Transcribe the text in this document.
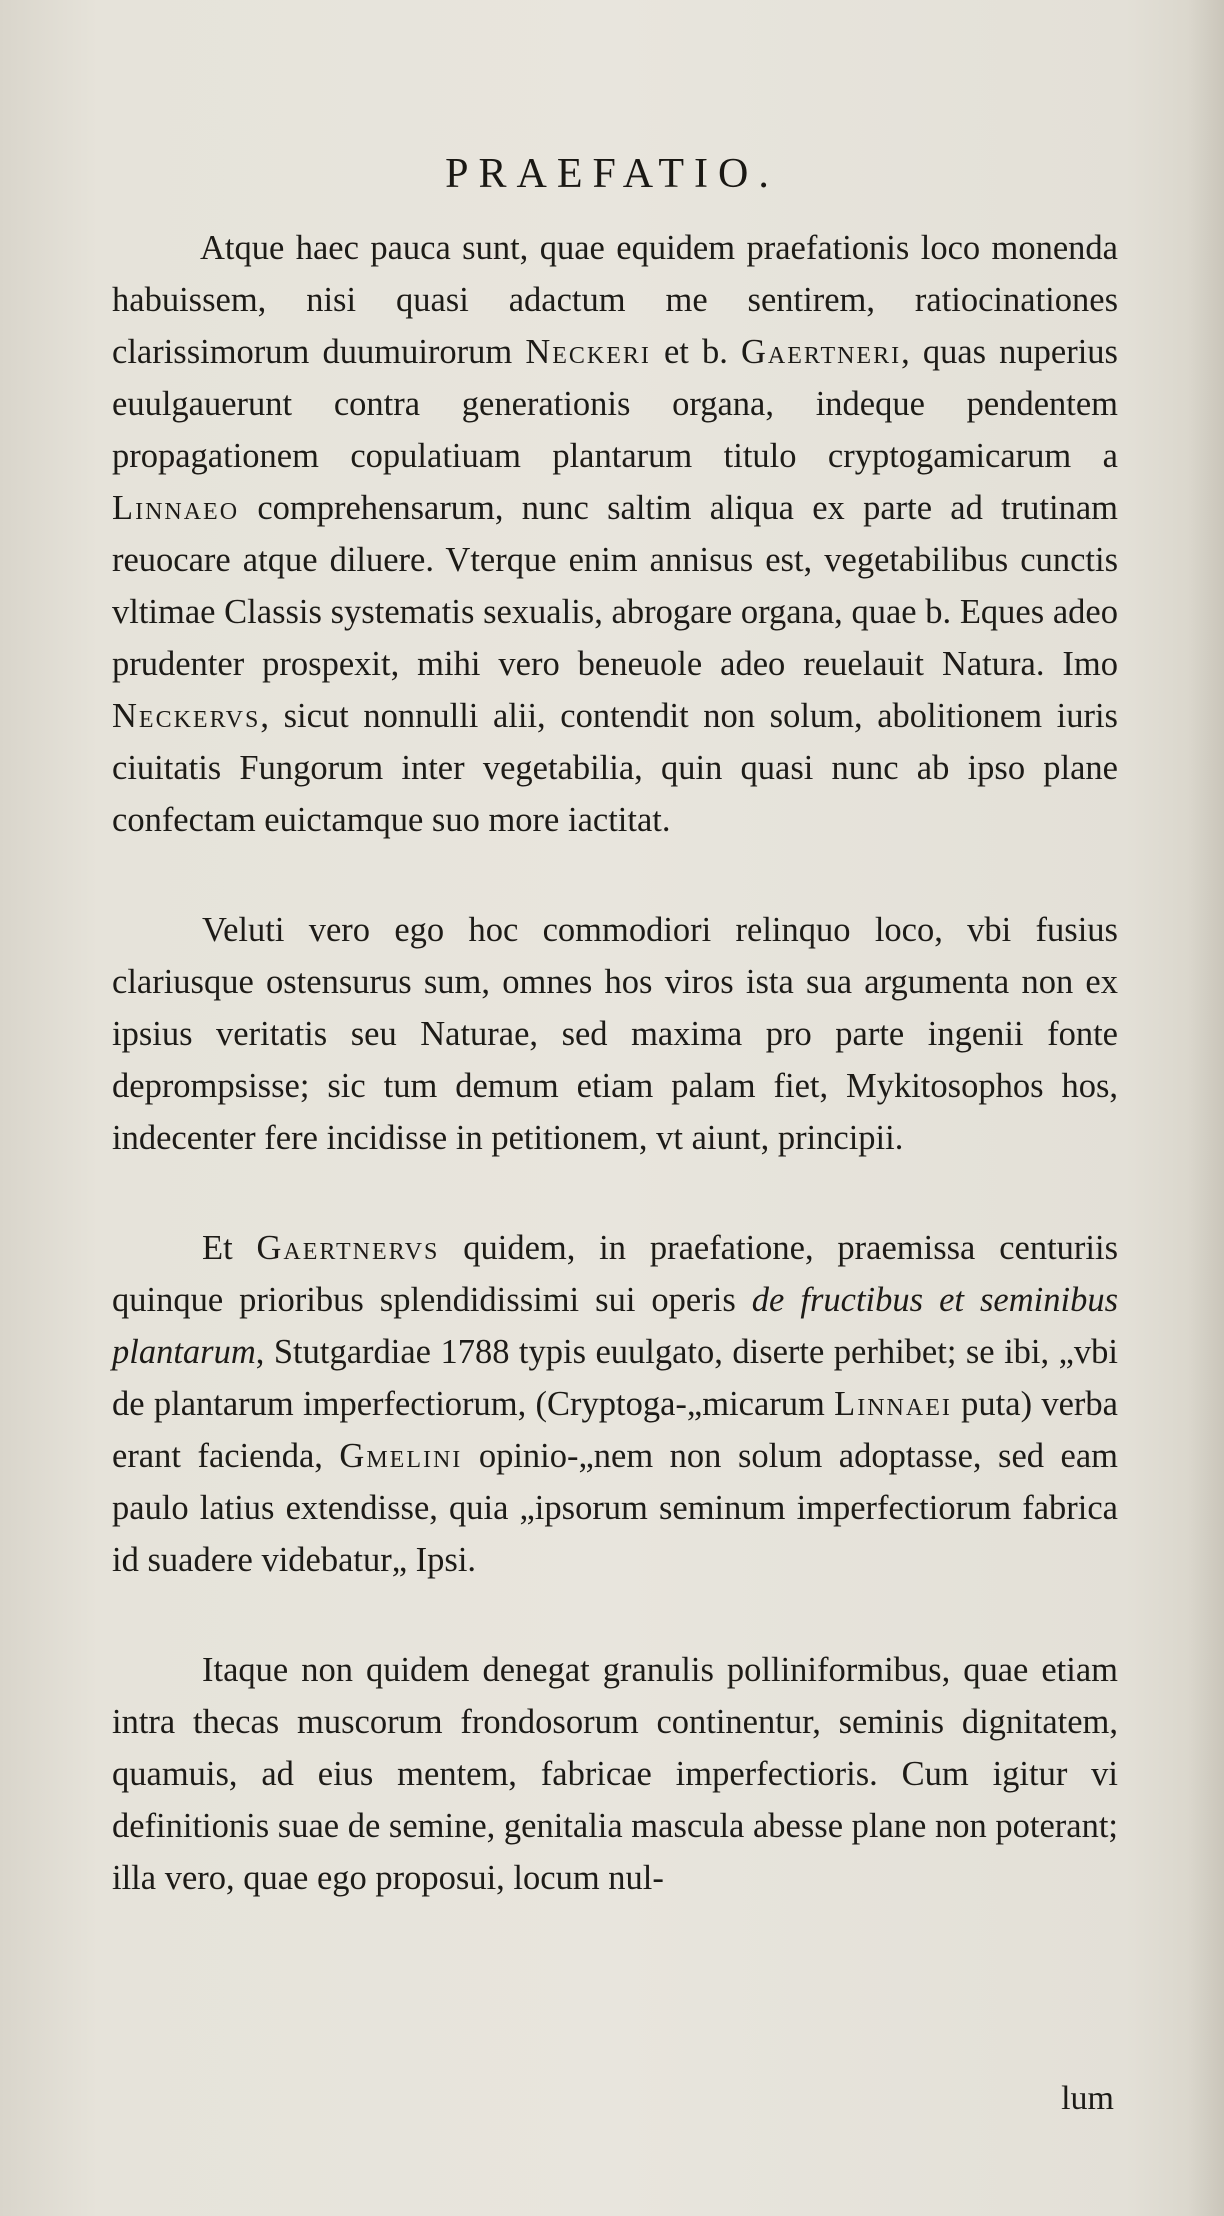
PRAEFATIO.

Atque haec pauca sunt, quae equidem praefationis loco monenda habuissem, nisi quasi adactum me sentirem, ratiocinationes clarissimorum duumuirorum Neckeri et b. Gaertneri, quas nuperius euulgauerunt contra generationis organa, indeque pendentem propagationem copulatiuam plantarum titulo cryptogamicarum a Linnaeo comprehensarum, nunc saltim aliqua ex parte ad trutinam reuocare atque diluere. Vterque enim annisus est, vegetabilibus cunctis vltimae Classis systematis sexualis, abrogare organa, quae b. Eques adeo prudenter prospexit, mihi vero beneuole adeo reuelauit Natura. Imo Neckervs, sicut nonnulli alii, contendit non solum, abolitionem iuris ciuitatis Fungorum inter vegetabilia, quin quasi nunc ab ipso plane confectam euictamque suo more iactitat.

Veluti vero ego hoc commodiori relinquo loco, vbi fusius clariusque ostensurus sum, omnes hos viros ista sua argumenta non ex ipsius veritatis seu Naturae, sed maxima pro parte ingenii fonte deprompsisse; sic tum demum etiam palam fiet, Mykitosophos hos, indecenter fere incidisse in petitionem, vt aiunt, principii.

Et Gaertnervs quidem, in praefatione, praemissa centuriis quinque prioribus splendidissimi sui operis de fructibus et seminibus plantarum, Stutgardiae 1788 typis euulgato, diserte perhibet; se ibi, „vbi de plantarum imperfectiorum, (Cryptoga-„micarum Linnaei puta) verba erant facienda, Gmelini opinio-„nem non solum adoptasse, sed eam paulo latius extendisse, quia „ipsorum seminum imperfectiorum fabrica id suadere videbatur„ Ipsi.

Itaque non quidem denegat granulis polliniformibus, quae etiam intra thecas muscorum frondosorum continentur, seminis dignitatem, quamuis, ad eius mentem, fabricae imperfectioris. Cum igitur vi definitionis suae de semine, genitalia mascula abesse plane non poterant; illa vero, quae ego proposui, locum nul-

lum
